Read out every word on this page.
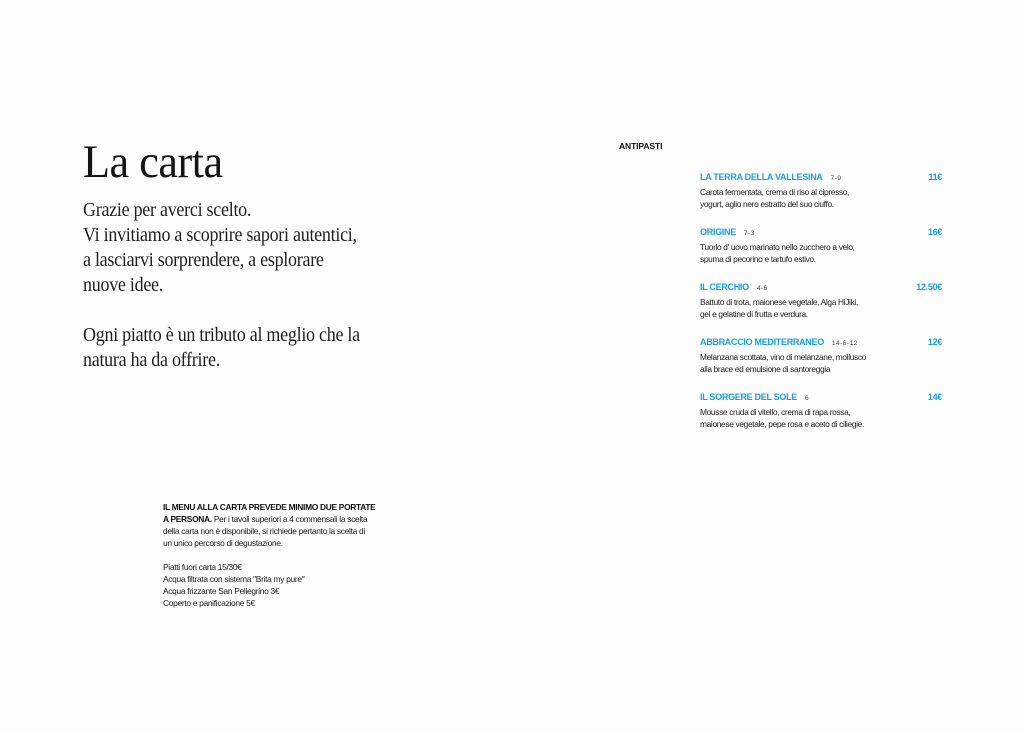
La carta

Grazie per averci scelto.
Vi invitiamo a scoprire sapori autentici,
a lasciarvi sorprendere, a esplorare
nuove idee.

Ogni piatto è un tributo al meglio che la
natura ha da offrire.

ANTIPASTI
LA TERRA DELLA VALLESINA 7-9	11€
Carota fermentata, crema di riso al cipresso,
yogurt, aglio nero estratto del suo ciuffo.
ORIGINE 7-3	16€
Tuorlo d' uovo marinato nello zucchero a velo,
spuma di pecorino e tartufo estivo.
IL CERCHIO 4-6	12.50€
Battuto di trota, maionese vegetale, Alga HiJiki,
gel e gelatine di frutta e verdura.
ABBRACCIO MEDITERRANEO 14-6-12	12€
Melanzana scottata, vino di melanzane, mollusco
alla brace ed emulsione di santoreggia
IL SORGERE DEL SOLE 6	14€
Mousse cruda di vitello, crema di rapa rossa,
maionese vegetale, pepe rosa e aceto di ciliegie.
IL MENU ALLA CARTA PREVEDE MINIMO DUE PORTATE
A PERSONA. Per i tavoli superiori a 4 commensali la scelta
della carta non è disponibile, si richiede pertanto la scelta di
un unico percorso di degustazione.
Piatti fuori carta 15/30€
Acqua filtrata con sistema "Brita my pure"
Acqua frizzante San Pellegrino 3€
Coperto e panificazione 5€
